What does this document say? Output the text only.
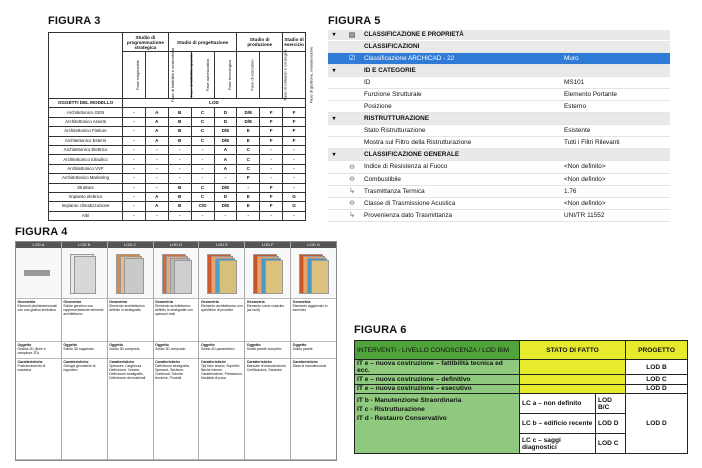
FIGURA 3
	Studio di programmazione strategica		Studio di progettazione			Studio di produzione		Stadio di esercizio
	Fase esigenziale	Fase di fattibilità e sostenibilità	Fase di fattibilità spaziale	Fase autorizzativa	Fase tecnologica	Fase di esecutivo	Fase di collaudo e consegna	Fase di gestione, manutenzione
OGGETTI DEL MODELLO	LOD							
Architettonico GEN	-	A	B	C	D	D/E	F	F
Architettonico Assetti	-	A	B	C	D	D/E	F	F
Architettonico Finiture	-	A	B	C	D/E	E	F	F
Architettonico Esterni	-	A	B	C	D/E	E	F	F
Architettonico Elettrico	-	-	-	-	A	C	-	-
Architettonico Idraulico	-	-	-	-	A	C	-	-
Architettonico VVF	-	-	-	-	A	C	-	-
Architettonico Marketing	-	-	-	-	-	F	-	-
Strutture	-	-	B	C	D/E	-	F	-
Impianto elettrico	-	A	B	C	D	E	F	G
Impianto climatizzazione	-	A	B	C/D	D/E	E	F	G
Altri	-	-	-	-	-	-	-	-
FIGURA 5
▾	▤	CLASSIFICAZIONE E PROPRIETÀ
CLASSIFICAZIONI
☑	Classificazione ARCHICAD - 22	Muro
▾	ID E CATEGORIE
ID	MS101
Funzione Strutturale	Elemento Portante
Posizione	Esterno
▾	RISTRUTTURAZIONE
Stato Ristrutturazione	Esistente
Mostra sul Filtro della Ristrutturazione	Tutti i Filtri Rilevanti
▾	CLASSIFICAZIONE GENERALE
⊖	Indice di Resistenza al Fuoco	<Non definito>
⊖	Combustibile	<Non definito>
↳	Trasmittanza Termica	1.76
⊖	Classe di Trasmissione Acustica	<Non definito>
↳	Provenienza dato Trasmittanza	UNI/TR 11552
FIGURA 4
LOD A
Geometria
Elementi pluridimensionali con una grafica simbolica
Oggetto
Grafica 2D (linee e campiture 2D)
Caratteristiche
Posizionamento di massima
LOD B
Geometria
Solido generico con rappresentazione elementi architettonici
Oggetto
Solido 3D sagomato
Caratteristiche
Sviluppi geometrici di ingombro
LOD C
Geometria
Elemento architettonico definito in stratigrafia
Oggetto
Solido 3D composto
Caratteristiche
Spessore, Larghezza, Definizione, Volume, Definizione stratigrafie, Definizione dei materiali
LOD D
Geometria
Elemento architettonico definito in stratigrafie con spessori reali
Oggetto
Solido 3D composto
Caratteristiche
Definizione stratigrafia, Spessori, Strutture, Contenuti, Schede tecniche, Prodotti
LOD E
Geometria
Elemento architettonico con specifiche di prodotto
Oggetto
Solido 3D parametrico
Caratteristiche
Tipi fisici tecnici, Superfici fisiche interne, Caratteristiche, Prestazioni, Modalità di posa
LOD F
Geometria
Elemento come costruito (as built)
Oggetto
Solido parete completo
Caratteristiche
Manuale di manutenzione, Certificazioni, Garanzie
LOD G
Geometria
Elemento aggiornato in esercizio
Oggetto
Solido parete
Caratteristiche
Stato di manutenzione
FIGURA 6
INTERVENTI - LIVELLO CONOSCENZA / LOD BIM	STATO DI FATTO		PROGETTO
IT e – nuova costruzione – fattibilità tecnica ed ecc.			LOD B
IT e – nuova costruzione – definitivo			LOD C
IT e – nuova costruzione – esecutivo			LOD D

IT b - Manutenzione Straordinaria
IT c - Ristrutturazione
IT d - Restauro Conservativo	LC a – non definito	LOD B/C	LOD D
	LC b – edificio recente	LOD D	
	LC c – saggi diagnostici	LOD C	
